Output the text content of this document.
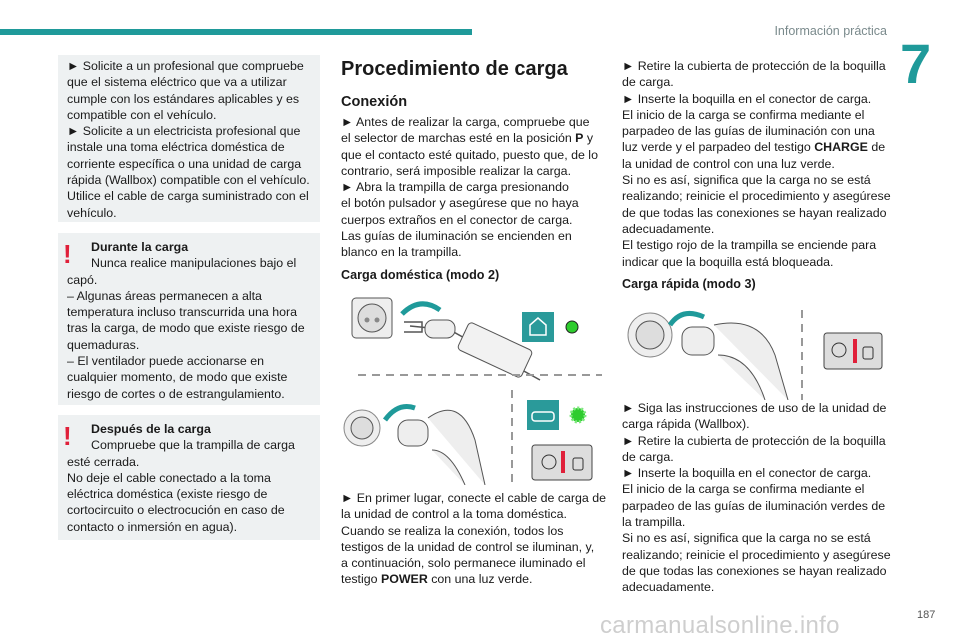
Información práctica
7
► Solicite a un profesional que compruebe
que el sistema eléctrico que va a utilizar
cumple con los estándares aplicables y es
compatible con el vehículo.
► Solicite a un electricista profesional que
instale una toma eléctrica doméstica de
corriente específica o una unidad de carga
rápida (Wallbox) compatible con el vehículo.
Utilice el cable de carga suministrado con el
vehículo.
!	Durante la carga
Nunca realice manipulaciones bajo el
capó.
– Algunas áreas permanecen a alta
temperatura incluso transcurrida una hora
tras la carga, de modo que existe riesgo de
quemaduras.
– El ventilador puede accionarse en
cualquier momento, de modo que existe
riesgo de cortes o de estrangulamiento.
!	Después de la carga
Compruebe que la trampilla de carga
esté cerrada.
No deje el cable conectado a la toma
eléctrica doméstica (existe riesgo de
cortocircuito o electrocución en caso de
contacto o inmersión en agua).
Procedimiento de carga
Conexión
► Antes de realizar la carga, compruebe que
el selector de marchas esté en la posición P y
que el contacto esté quitado, puesto que, de lo
contrario, será imposible realizar la carga.
► Abra la trampilla de carga presionando
el botón pulsador y asegúrese que no haya
cuerpos extraños en el conector de carga.
Las guías de iluminación se encienden en
blanco en la trampilla.
Carga doméstica (modo 2)
► En primer lugar, conecte el cable de carga de
la unidad de control a la toma doméstica.
Cuando se realiza la conexión, todos los
testigos de la unidad de control se iluminan, y,
a continuación, solo permanece iluminado el
testigo POWER con una luz verde.
► Retire la cubierta de protección de la boquilla
de carga.
► Inserte la boquilla en el conector de carga.
El inicio de la carga se confirma mediante el
parpadeo de las guías de iluminación con una
luz verde y el parpadeo del testigo CHARGE de
la unidad de control con una luz verde.
Si no es así, significa que la carga no se está
realizando; reinicie el procedimiento y asegúrese
de que todas las conexiones se hayan realizado
adecuadamente.
El testigo rojo de la trampilla se enciende para
indicar que la boquilla está bloqueada.
Carga rápida (modo 3)
► Siga las instrucciones de uso de la unidad de
carga rápida (Wallbox).
► Retire la cubierta de protección de la boquilla
de carga.
► Inserte la boquilla en el conector de carga.
El inicio de la carga se confirma mediante el
parpadeo de las guías de iluminación verdes de
la trampilla.
Si no es así, significa que la carga no se está
realizando; reinicie el procedimiento y asegúrese
de que todas las conexiones se hayan realizado
adecuadamente.
carmanualsonline.info	187
